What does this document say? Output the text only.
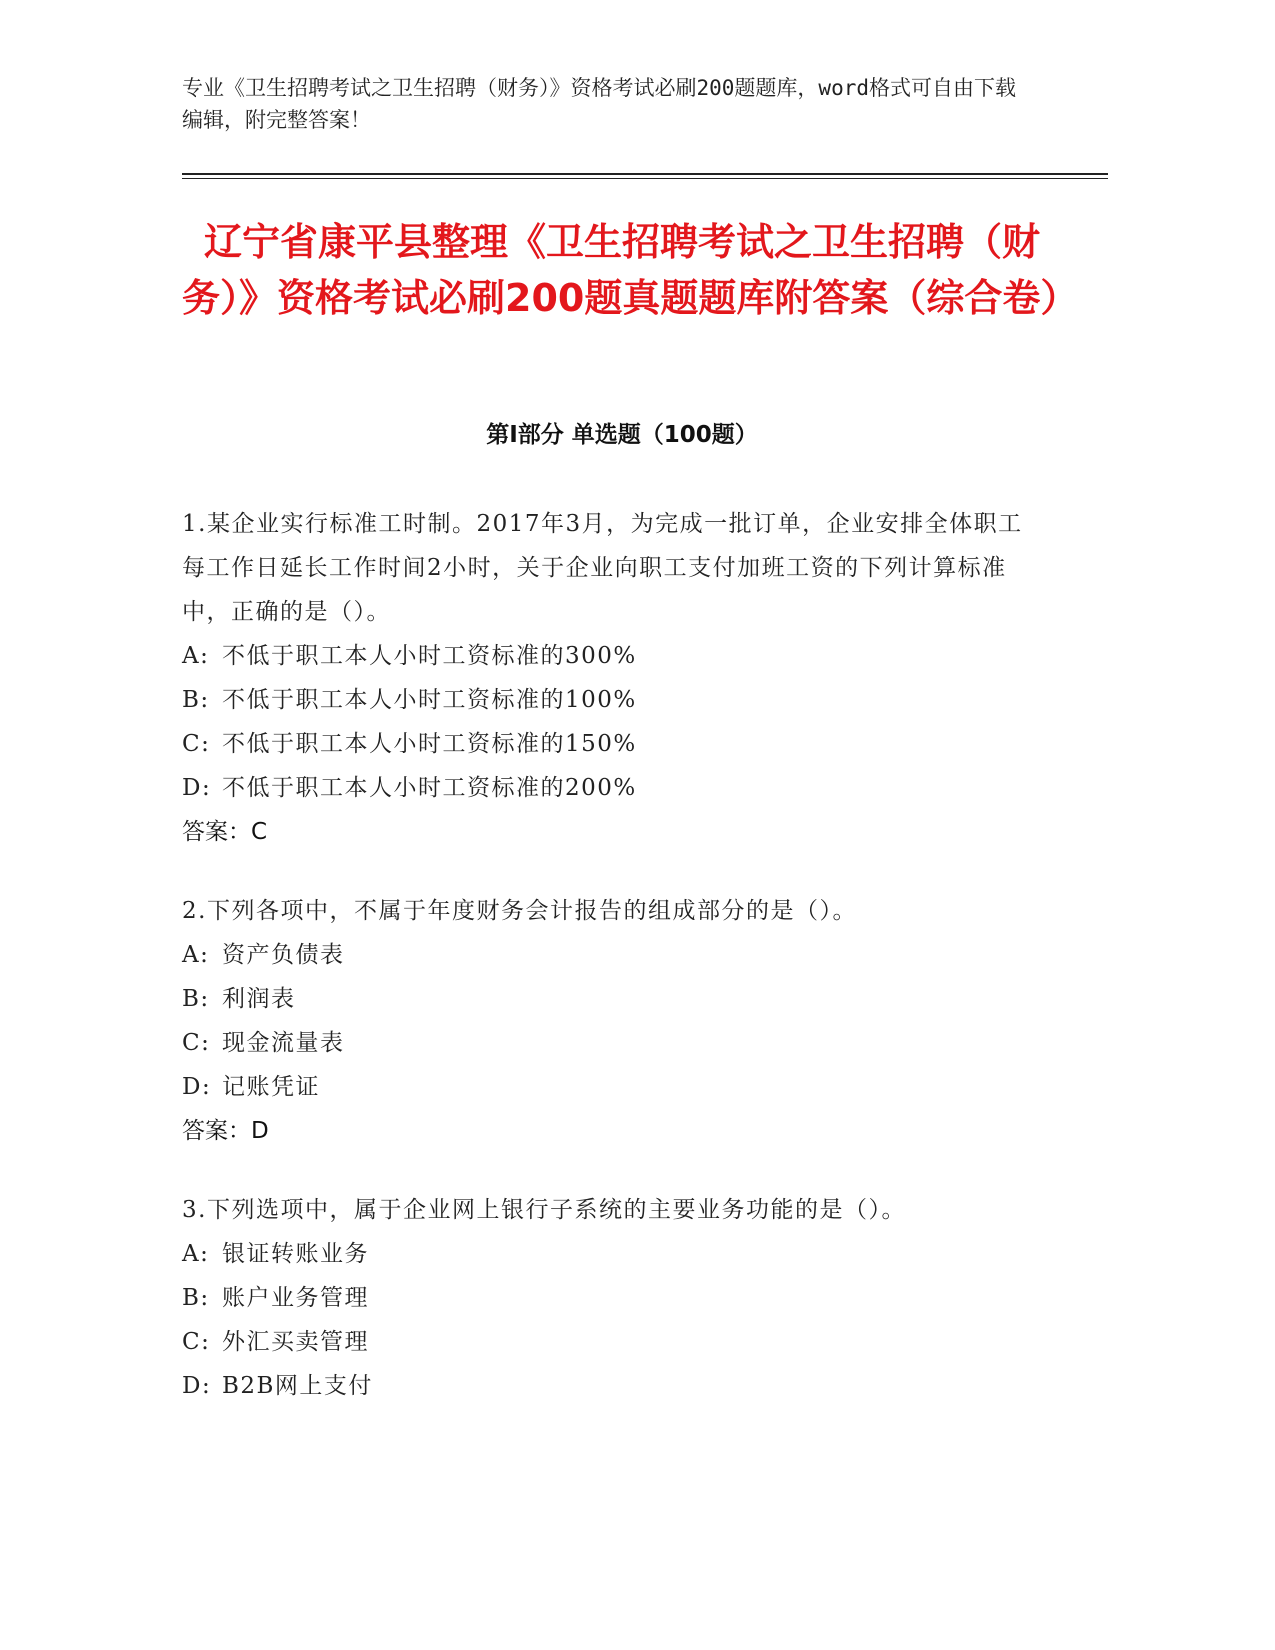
专业《卫生招聘考试之卫生招聘（财务）》资格考试必刷200题题库，word格式可自由下载编辑，附完整答案！
辽宁省康平县整理《卫生招聘考试之卫生招聘（财务）》资格考试必刷200题真题题库附答案（综合卷）
第Ⅰ部分 单选题（100题）
1.某企业实行标准工时制。2017年3月，为完成一批订单，企业安排全体职工每工作日延长工作时间2小时，关于企业向职工支付加班工资的下列计算标准中，正确的是（）。
A: 不低于职工本人小时工资标准的300%
B: 不低于职工本人小时工资标准的100%
C: 不低于职工本人小时工资标准的150%
D: 不低于职工本人小时工资标准的200%
答案：C
2.下列各项中，不属于年度财务会计报告的组成部分的是（）。
A: 资产负债表
B: 利润表
C: 现金流量表
D: 记账凭证
答案：D
3.下列选项中，属于企业网上银行子系统的主要业务功能的是（）。
A: 银证转账业务
B: 账户业务管理
C: 外汇买卖管理
D: B2B网上支付
